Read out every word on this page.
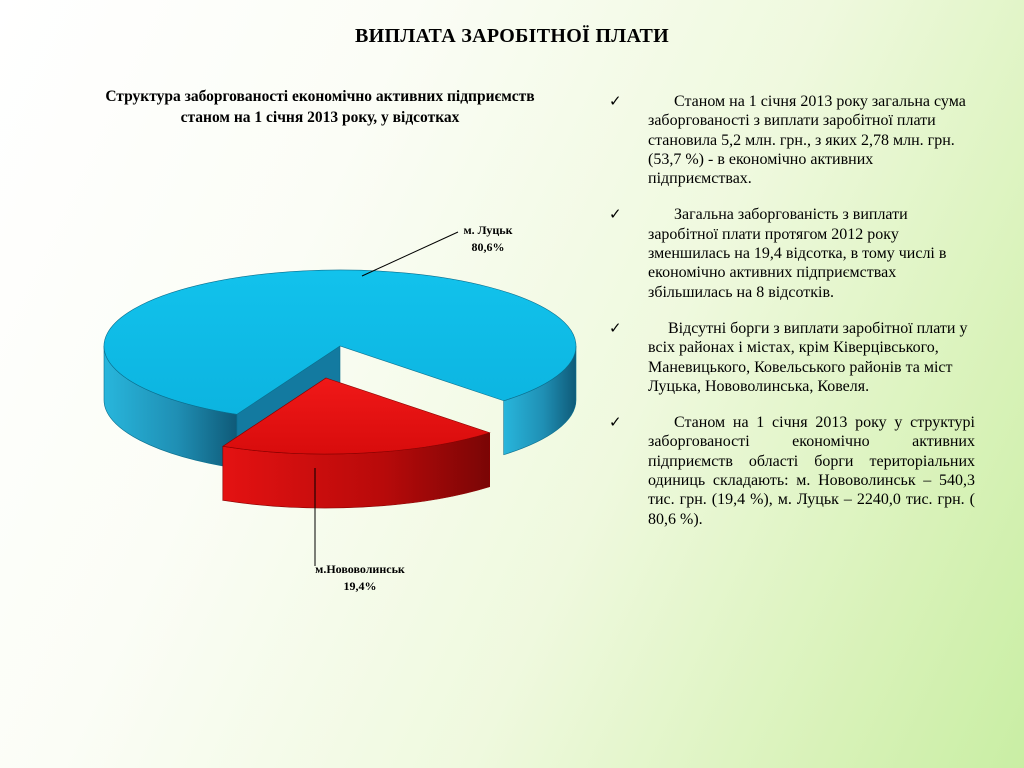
ВИПЛАТА ЗАРОБІТНОЇ ПЛАТИ
Структура заборгованості економічно активних підприємств
станом на 1 січня 2013 року, у відсотках
м. Луцьк
80,6%
м.Нововолинськ
19,4%
✓	Станом на 1 січня 2013 року загальна сума заборгованості з виплати заробітної плати становила 5,2 млн. грн., з яких 2,78 млн. грн. (53,7 %) - в економічно активних підприємствах.
✓	Загальна заборгованість з виплати заробітної плати протягом 2012 року зменшилась на 19,4 відсотка, в тому числі в економічно активних підприємствах збільшилась на 8 відсотків.
✓	Відсутні борги з виплати заробітної плати у всіх районах і містах, крім Ківерцівського, Маневицького, Ковельського районів та міст Луцька, Нововолинська, Ковеля.
✓	Станом на 1 січня 2013 року у структурі заборгованості економічно активних підприємств області борги територіальних одиниць складають: м. Нововолинськ – 540,3 тис. грн. (19,4 %), м. Луцьк – 2240,0 тис. грн. ( 80,6 %).
